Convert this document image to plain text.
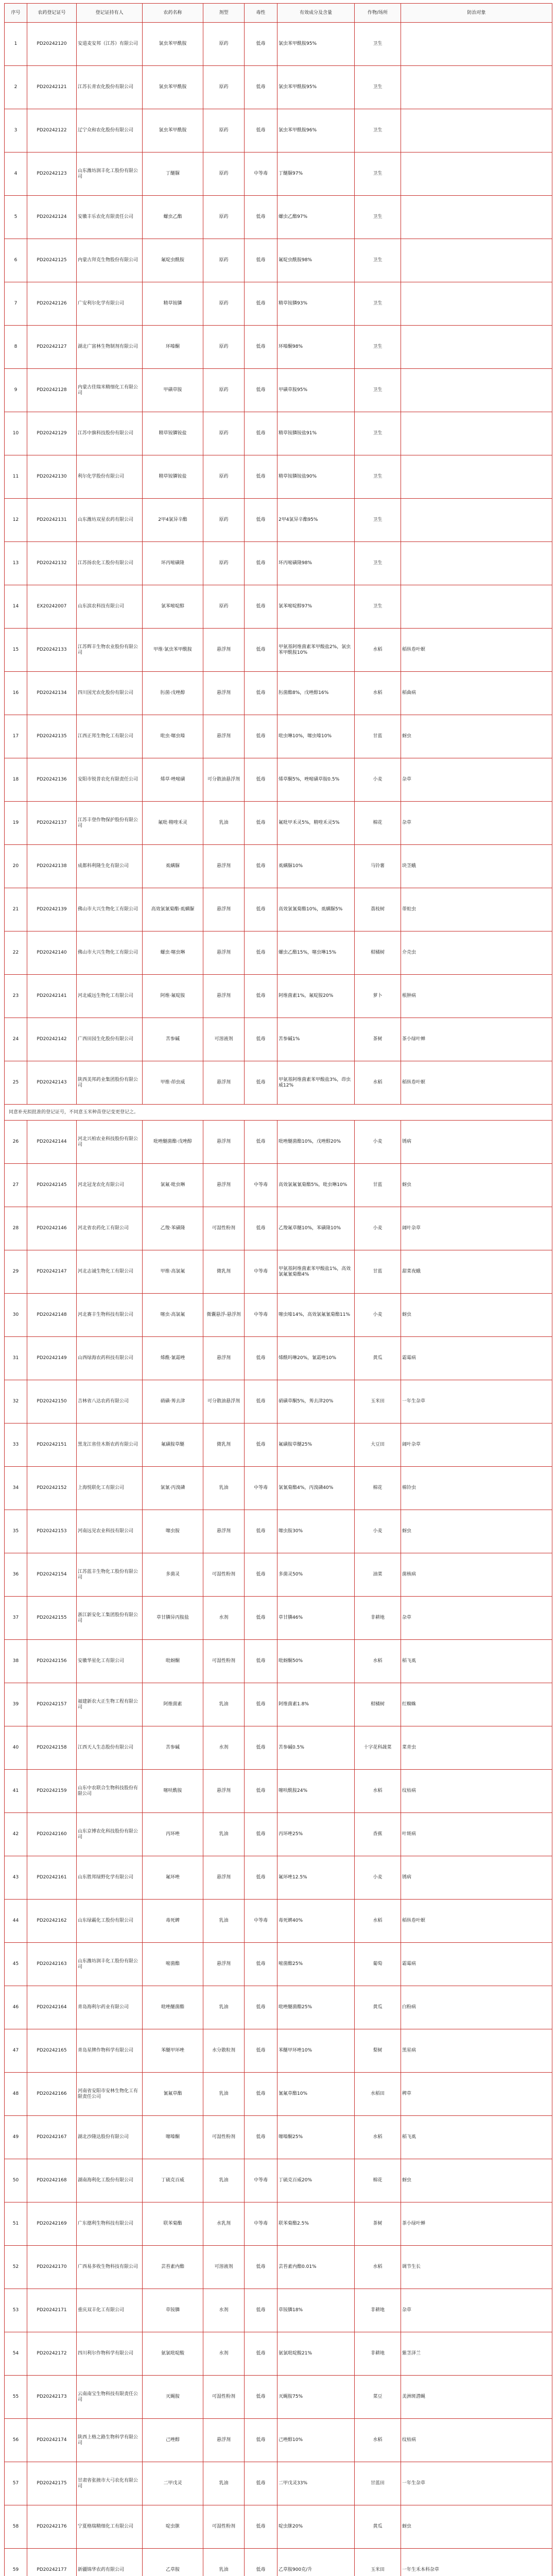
序号	农药登记证号	登记证持有人	农药名称	剂型	毒性	有效成分及含量	作物/场所	防治对象
1	PD20242120	安道麦安邦（江苏）有限公司	氯虫苯甲酰胺	原药	低毒	氯虫苯甲酰胺95%	卫生	
2	PD20242121	江苏长青农化股份有限公司	氯虫苯甲酰胺	原药	低毒	氯虫苯甲酰胺95%	卫生	
3	PD20242122	辽宁众和农化股份有限公司	氯虫苯甲酰胺	原药	低毒	氯虫苯甲酰胺96%	卫生	
4	PD20242123	山东潍坊润丰化工股份有限公司	丁醚脲	原药	中等毒	丁醚脲97%	卫生	
5	PD20242124	安徽丰乐农化有限责任公司	螺虫乙酯	原药	低毒	螺虫乙酯97%	卫生	
6	PD20242125	内蒙古拜克生物股份有限公司	氟啶虫酰胺	原药	低毒	氟啶虫酰胺98%	卫生	
7	PD20242126	广安利尔化学有限公司	精草铵膦	原药	低毒	精草铵膦93%	卫生	
8	PD20242127	湖北广富林生物制剂有限公司	环嗪酮	原药	低毒	环嗪酮98%	卫生	
9	PD20242128	内蒙古佳瑞米精细化工有限公司	甲磺草胺	原药	低毒	甲磺草胺95%	卫生	
10	PD20242129	江苏中旗科技股份有限公司	精草铵膦铵盐	原药	低毒	精草铵膦铵盐91%	卫生	
11	PD20242130	利尔化学股份有限公司	精草铵膦铵盐	原药	低毒	精草铵膦铵盐90%	卫生	
12	PD20242131	山东潍坊双星农药有限公司	2甲4氯异辛酯	原药	低毒	2甲4氯异辛酯95%	卫生	
13	PD20242132	江苏扬农化工股份有限公司	环丙嘧磺隆	原药	低毒	环丙嘧磺隆98%	卫生	
14	EX20242007	山东滨农科技有限公司	氯苯嘧啶醇	原药	低毒	氯苯嘧啶醇97%	卫生	
15	PD20242133	江苏辉丰生物农业股份有限公司	甲维·氯虫苯甲酰胺	悬浮剂	低毒	甲氨基阿维菌素苯甲酸盐2%，氯虫苯甲酰胺10%	水稻	稻纵卷叶螟
16	PD20242134	四川国光农化股份有限公司	肟菌·戊唑醇	悬浮剂	低毒	肟菌酯8%，戊唑醇16%	水稻	稻曲病
17	PD20242135	江西正邦生物化工有限公司	吡虫·噻虫嗪	悬浮剂	低毒	吡虫啉10%，噻虫嗪10%	甘蓝	蚜虫
18	PD20242136	安阳市锐普农化有限责任公司	烯草·唑嘧磺	可分散油悬浮剂	低毒	烯草酮5%，唑嘧磺草胺0.5%	小麦	杂草
19	PD20242137	江苏丰登作物保护股份有限公司	氟吡·精喹禾灵	乳油	低毒	氟吡甲禾灵5%，精喹禾灵5%	棉花	杂草
20	PD20242138	成都科利隆生化有限公司	虱螨脲	悬浮剂	低毒	虱螨脲10%	马铃薯	块茎蛾
21	PD20242139	佛山市大兴生物化工有限公司	高效氯氰菊酯·虱螨脲	悬浮剂	低毒	高效氯氰菊酯10%，虱螨脲5%	荔枝树	蒂蛀虫
22	PD20242140	佛山市大兴生物化工有限公司	螺虫·噻虫啉	悬浮剂	低毒	螺虫乙酯15%，噻虫啉15%	柑橘树	介壳虫
23	PD20242141	河北威远生物化工有限公司	阿维·氟啶胺	悬浮剂	低毒	阿维菌素1%，氟啶胺20%	萝卜	根肿病
24	PD20242142	广西田园生化股份有限公司	苦参碱	可溶液剂	低毒	苦参碱1%	茶树	茶小绿叶蝉
25	PD20242143	陕西美邦药业集团股份有限公司	甲维·茚虫威	悬浮剂	低毒	甲氨基阿维菌素苯甲酸盐3%，茚虫威12%	水稻	稻纵卷叶螟
同意补充拟批准的登记证号，不同意玉米种苗登记变更登记之。								
26	PD20242144	河北兴柏农业科技股份有限公司	吡唑醚菌酯·戊唑醇	悬浮剂	低毒	吡唑醚菌酯10%，戊唑醇20%	小麦	锈病
27	PD20242145	河北冠龙农化有限公司	氯氟·吡虫啉	悬浮剂	中等毒	高效氯氟氰菊酯5%，吡虫啉10%	甘蓝	蚜虫
28	PD20242146	河北省农药化工有限公司	乙羧·苯磺隆	可湿性粉剂	低毒	乙羧氟草醚10%，苯磺隆10%	小麦	阔叶杂草
29	PD20242147	河北志诚生物化工有限公司	甲维·高氯氟	微乳剂	中等毒	甲氨基阿维菌素苯甲酸盐1%，高效氯氟氰菊酯4%	甘蓝	甜菜夜蛾
30	PD20242148	河北赛丰生物科技有限公司	噻虫·高氯氟	微囊悬浮-悬浮剂	中等毒	噻虫嗪14%，高效氯氟氰菊酯11%	小麦	蚜虫
31	PD20242149	山西绿海农药科技有限公司	烯酰·氰霜唑	悬浮剂	低毒	烯酰吗啉20%，氰霜唑10%	黄瓜	霜霉病
32	PD20242150	吉林省八达农药有限公司	硝磺·莠去津	可分散油悬浮剂	低毒	硝磺草酮5%，莠去津20%	玉米田	一年生杂草
33	PD20242151	黑龙江省佳木斯农药有限公司	氟磺胺草醚	微乳剂	低毒	氟磺胺草醚25%	大豆田	阔叶杂草
34	PD20242152	上海悦联化工有限公司	氯氰·丙溴磷	乳油	中等毒	氯氰菊酯4%，丙溴磷40%	棉花	棉铃虫
35	PD20242153	河南远见农业科技有限公司	噻虫胺	悬浮剂	低毒	噻虫胺30%	小麦	蚜虫
36	PD20242154	江苏蓝丰生物化工股份有限公司	多菌灵	可湿性粉剂	低毒	多菌灵50%	油菜	菌核病
37	PD20242155	浙江新安化工集团股份有限公司	草甘膦异丙胺盐	水剂	低毒	草甘膦46%	非耕地	杂草
38	PD20242156	安徽华星化工有限公司	吡蚜酮	可湿性粉剂	低毒	吡蚜酮50%	水稻	稻飞虱
39	PD20242157	福建新农大正生物工程有限公司	阿维菌素	乳油	低毒	阿维菌素1.8%	柑橘树	红蜘蛛
40	PD20242158	江西天人生态股份有限公司	苦参碱	水剂	低毒	苦参碱0.5%	十字花科蔬菜	菜青虫
41	PD20242159	山东中农联合生物科技股份有限公司	噻呋酰胺	悬浮剂	低毒	噻呋酰胺24%	水稻	纹枯病
42	PD20242160	山东京博农化科技股份有限公司	丙环唑	乳油	低毒	丙环唑25%	香蕉	叶斑病
43	PD20242161	山东胜邦绿野化学有限公司	氟环唑	悬浮剂	低毒	氟环唑12.5%	小麦	锈病
44	PD20242162	山东绿霸化工股份有限公司	毒死蜱	乳油	中等毒	毒死蜱40%	水稻	稻纵卷叶螟
45	PD20242163	山东潍坊润丰化工股份有限公司	嘧菌酯	悬浮剂	低毒	嘧菌酯25%	葡萄	霜霉病
46	PD20242164	青岛海利尔药业有限公司	吡唑醚菌酯	乳油	低毒	吡唑醚菌酯25%	黄瓜	白粉病
47	PD20242165	青岛星牌作物科学有限公司	苯醚甲环唑	水分散粒剂	低毒	苯醚甲环唑10%	梨树	黑星病
48	PD20242166	河南省安阳市安林生物化工有限责任公司	氰氟草酯	乳油	低毒	氰氟草酯10%	水稻田	稗草
49	PD20242167	湖北沙隆达股份有限公司	噻嗪酮	可湿性粉剂	低毒	噻嗪酮25%	水稻	稻飞虱
50	PD20242168	湖南海利化工股份有限公司	丁硫克百威	乳油	中等毒	丁硫克百威20%	棉花	蚜虫
51	PD20242169	广东德利生物科技有限公司	联苯菊酯	水乳剂	中等毒	联苯菊酯2.5%	茶树	茶小绿叶蝉
52	PD20242170	广西易多收生物科技有限公司	芸苔素内酯	可溶液剂	低毒	芸苔素内酯0.01%	水稻	调节生长
53	PD20242171	重庆双丰化工有限公司	草铵膦	水剂	低毒	草铵膦18%	非耕地	杂草
54	PD20242172	四川利尔作物科学有限公司	氨氯吡啶酸	水剂	低毒	氨氯吡啶酸21%	非耕地	紫茎泽兰
55	PD20242173	云南南宝生物科技有限责任公司	灭蝇胺	可湿性粉剂	低毒	灭蝇胺75%	菜豆	美洲斑潜蝇
56	PD20242174	陕西上格之路生物科学有限公司	己唑醇	悬浮剂	低毒	己唑醇10%	水稻	纹枯病
57	PD20242175	甘肃省张掖市大弓农化有限公司	二甲戊灵	乳油	低毒	二甲戊灵33%	甘蓝田	一年生杂草
58	PD20242176	宁夏格瑞精细化工有限公司	啶虫脒	可湿性粉剂	低毒	啶虫脒20%	黄瓜	蚜虫
59	PD20242177	新疆锦华农药有限公司	乙草胺	乳油	低毒	乙草胺900克/升	玉米田	一年生禾本科杂草
